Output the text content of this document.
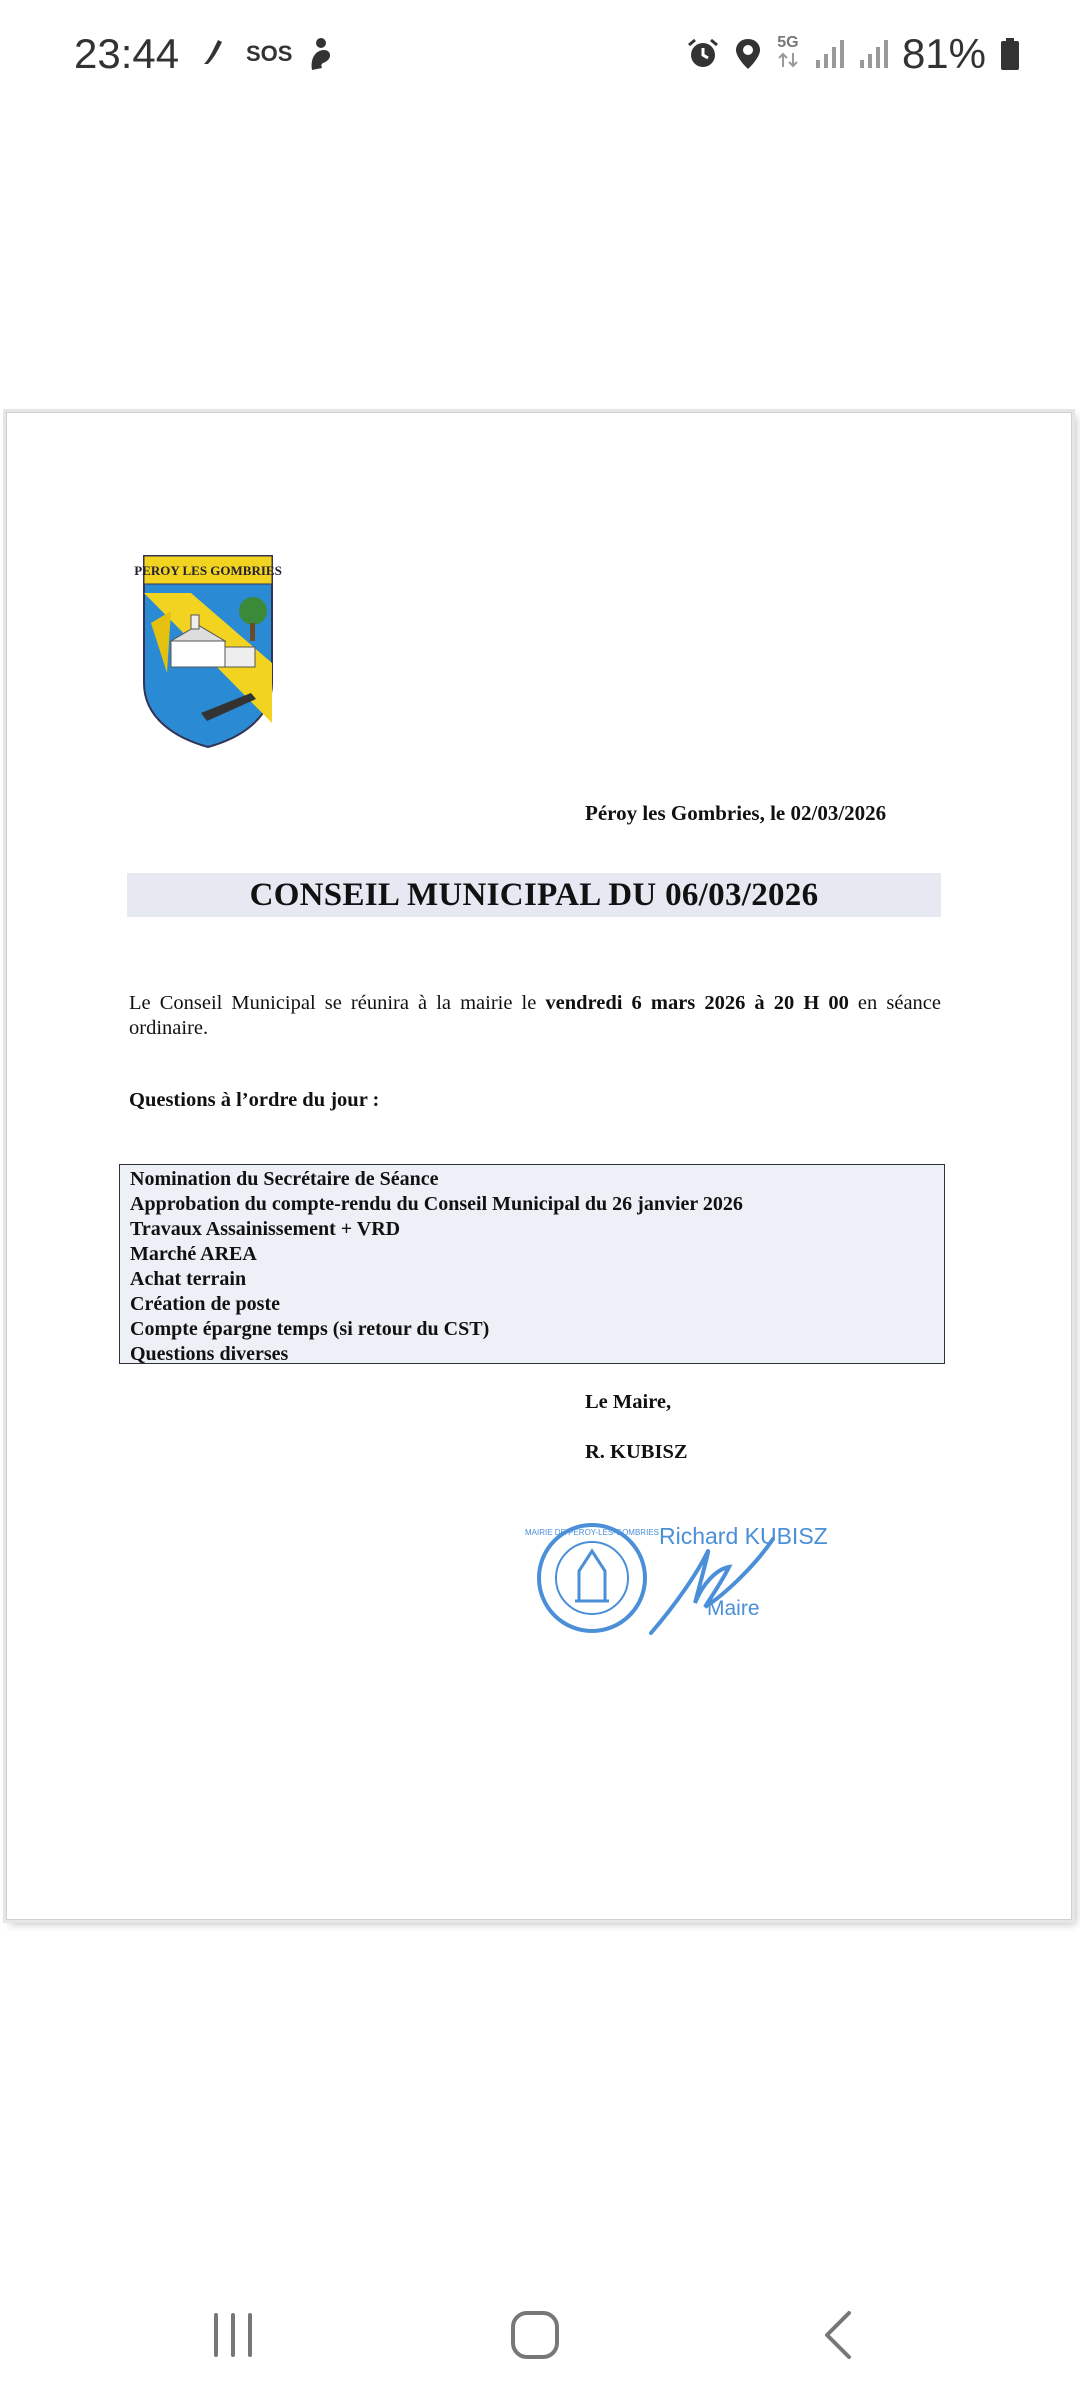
23:44	SOS	5G 81%
PEROY LES GOMBRIES
Péroy les Gombries, le 02/03/2026
CONSEIL MUNICIPAL DU 06/03/2026
Le Conseil Municipal se réunira à la mairie le vendredi 6 mars 2026 à 20 H 00 en séance ordinaire.
Questions à l’ordre du jour :
Nomination du Secrétaire de Séance
Approbation du compte-rendu du Conseil Municipal du 26 janvier 2026
Travaux Assainissement + VRD
Marché AREA
Achat terrain
Création de poste
Compte épargne temps (si retour du CST)
Questions diverses
Le Maire,
R. KUBISZ
MAIRIE DE PEROY-LES-GOMBRIES Richard KUBISZ
Maire
